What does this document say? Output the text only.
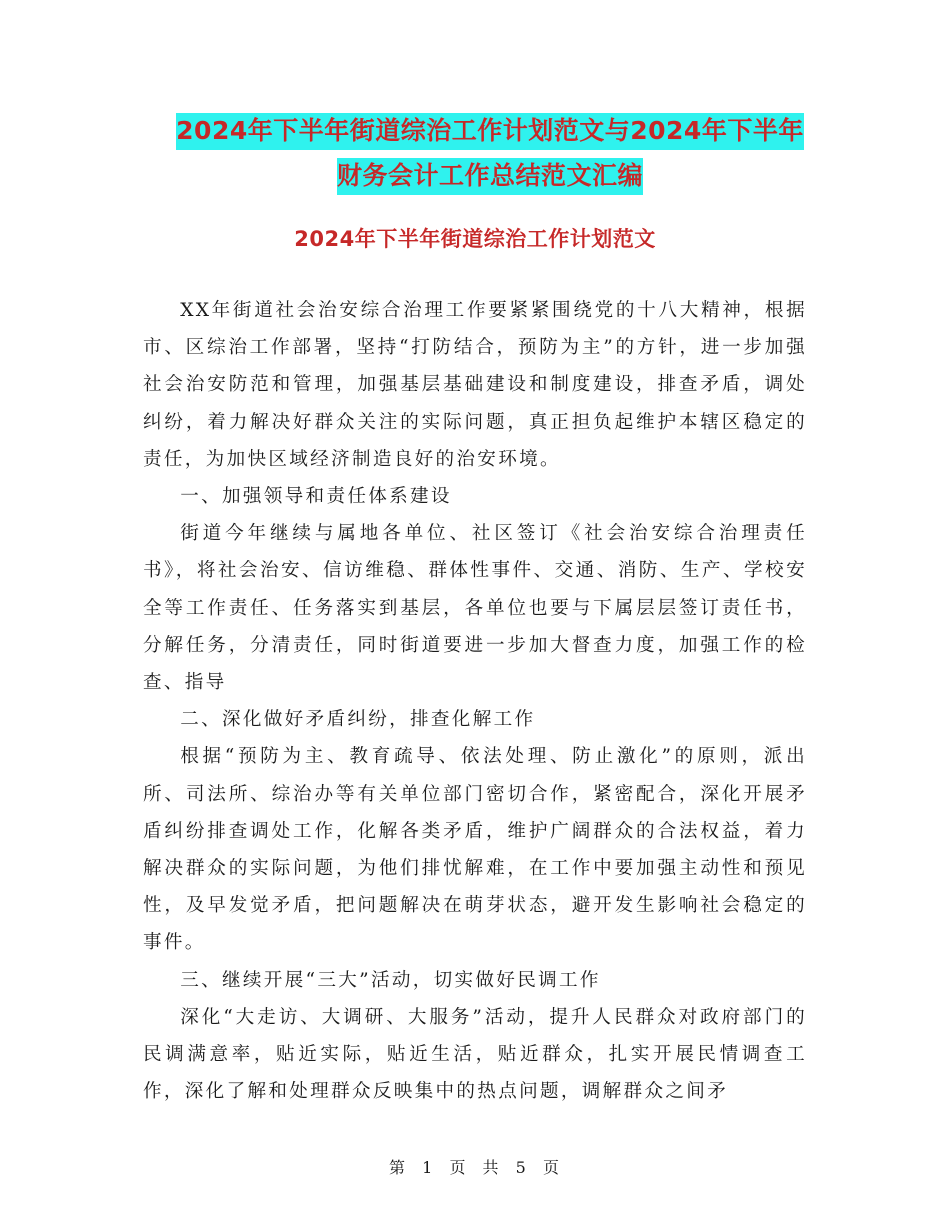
2024年下半年街道综治工作计划范文与2024年下半年
财务会计工作总结范文汇编
2024年下半年街道综治工作计划范文

XX年街道社会治安综合治理工作要紧紧围绕党的十八大精神，根据市、区综治工作部署，坚持“打防结合，预防为主”的方针，进一步加强社会治安防范和管理，加强基层基础建设和制度建设，排查矛盾，调处纠纷，着力解决好群众关注的实际问题，真正担负起维护本辖区稳定的责任，为加快区域经济制造良好的治安环境。

一、加强领导和责任体系建设

街道今年继续与属地各单位、社区签订《社会治安综合治理责任书》，将社会治安、信访维稳、群体性事件、交通、消防、生产、学校安全等工作责任、任务落实到基层，各单位也要与下属层层签订责任书，分解任务，分清责任，同时街道要进一步加大督查力度，加强工作的检查、指导

二、深化做好矛盾纠纷，排查化解工作

根据“预防为主、教育疏导、依法处理、防止激化”的原则，派出所、司法所、综治办等有关单位部门密切合作，紧密配合，深化开展矛盾纠纷排查调处工作，化解各类矛盾，维护广阔群众的合法权益，着力解决群众的实际问题，为他们排忧解难，在工作中要加强主动性和预见性，及早发觉矛盾，把问题解决在萌芽状态，避开发生影响社会稳定的事件。

三、继续开展“三大”活动，切实做好民调工作

深化“大走访、大调研、大服务”活动，提升人民群众对政府部门的民调满意率，贴近实际，贴近生活，贴近群众，扎实开展民情调查工作，深化了解和处理群众反映集中的热点问题，调解群众之间矛

第 1 页 共 5 页
